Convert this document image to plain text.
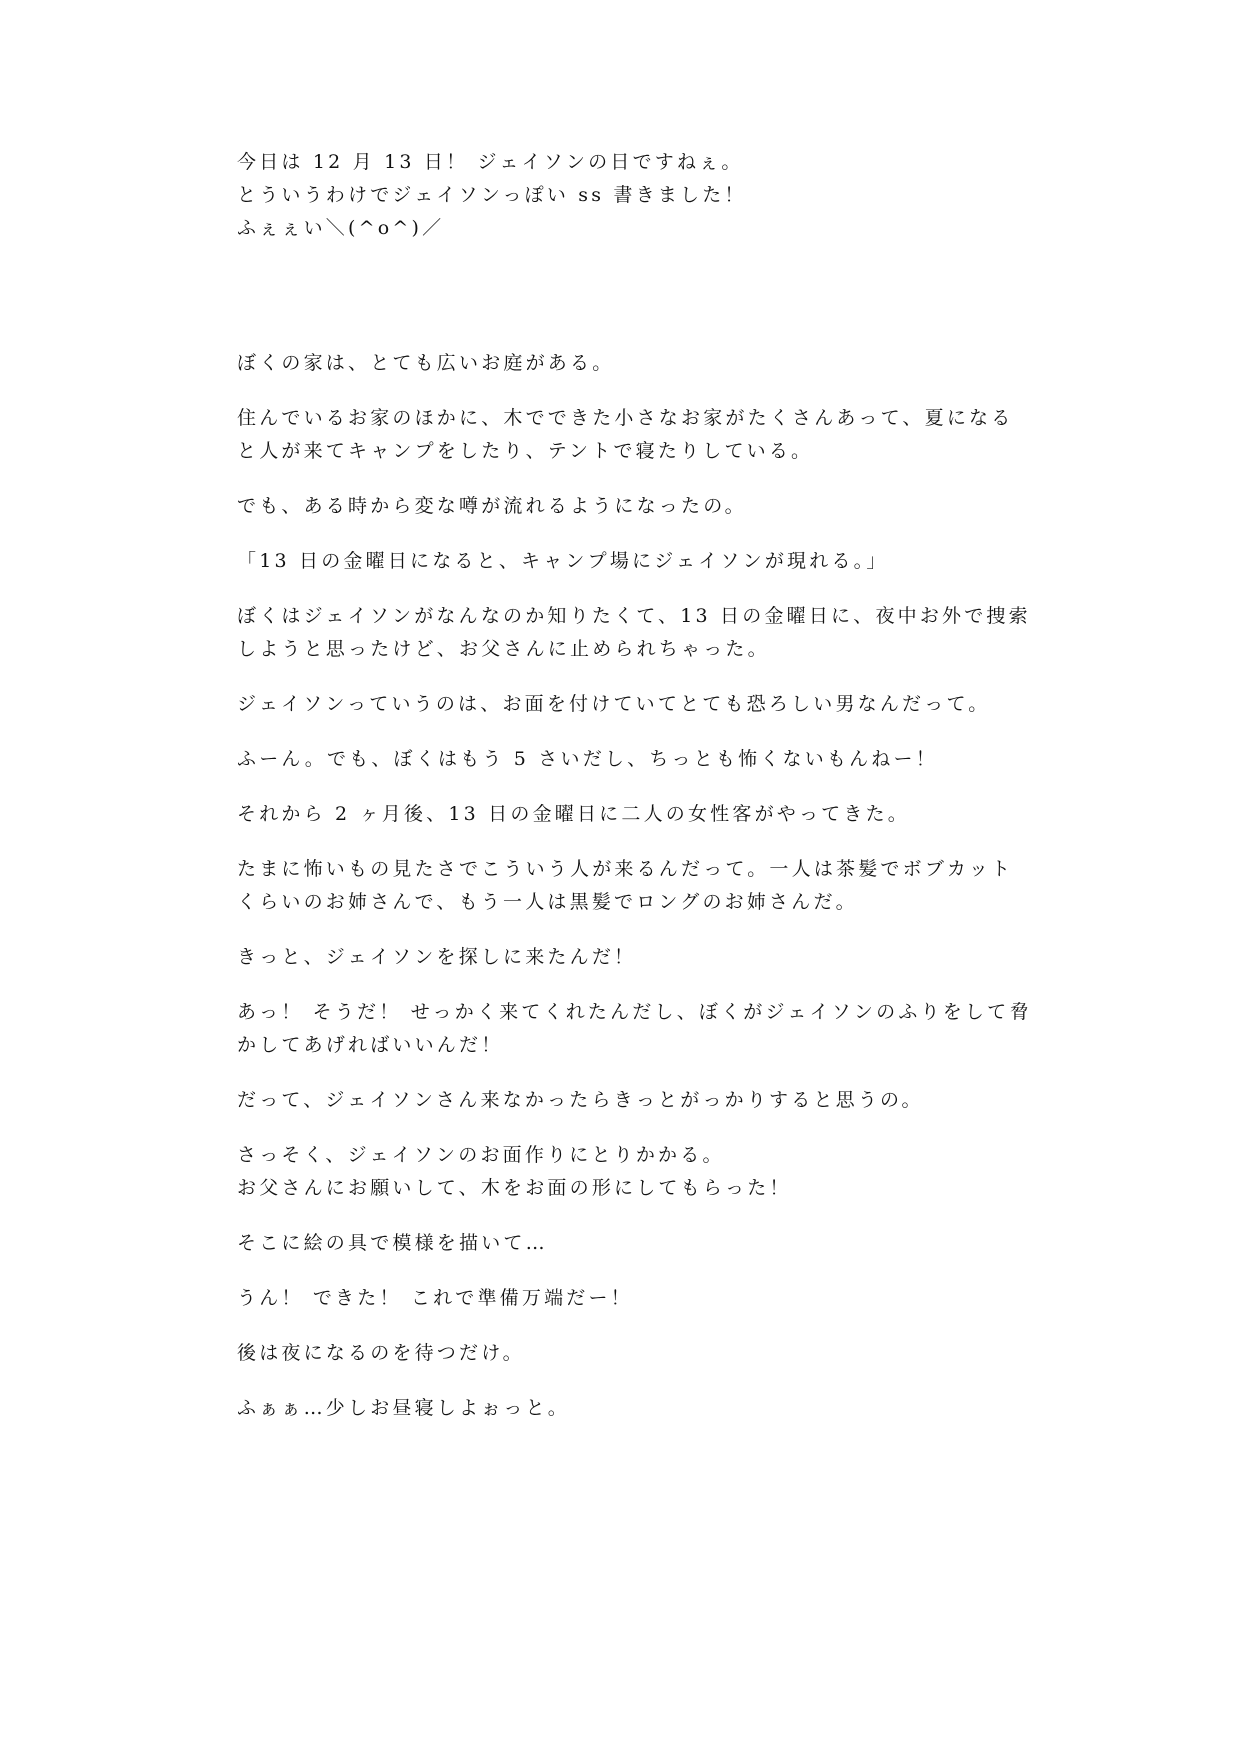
今日は 12 月 13 日！ ジェイソンの日ですねぇ。
とういうわけでジェイソンっぽい ss 書きました！
ふぇぇい＼(^o^)／
ぼくの家は、とても広いお庭がある。
住んでいるお家のほかに、木でできた小さなお家がたくさんあって、夏になる
と人が来てキャンプをしたり、テントで寝たりしている。
でも、ある時から変な噂が流れるようになったの。
「13 日の金曜日になると、キャンプ場にジェイソンが現れる。」
ぼくはジェイソンがなんなのか知りたくて、13 日の金曜日に、夜中お外で捜索
しようと思ったけど、お父さんに止められちゃった。
ジェイソンっていうのは、お面を付けていてとても恐ろしい男なんだって。
ふーん。でも、ぼくはもう 5 さいだし、ちっとも怖くないもんねー！
それから 2 ヶ月後、13 日の金曜日に二人の女性客がやってきた。
たまに怖いもの見たさでこういう人が来るんだって。一人は茶髪でボブカット
くらいのお姉さんで、もう一人は黒髪でロングのお姉さんだ。
きっと、ジェイソンを探しに来たんだ！
あっ！ そうだ！ せっかく来てくれたんだし、ぼくがジェイソンのふりをして脅
かしてあげればいいんだ！
だって、ジェイソンさん来なかったらきっとがっかりすると思うの。
さっそく、ジェイソンのお面作りにとりかかる。
お父さんにお願いして、木をお面の形にしてもらった！
そこに絵の具で模様を描いて…
うん！ できた！ これで準備万端だー！
後は夜になるのを待つだけ。
ふぁぁ…少しお昼寝しよぉっと。
